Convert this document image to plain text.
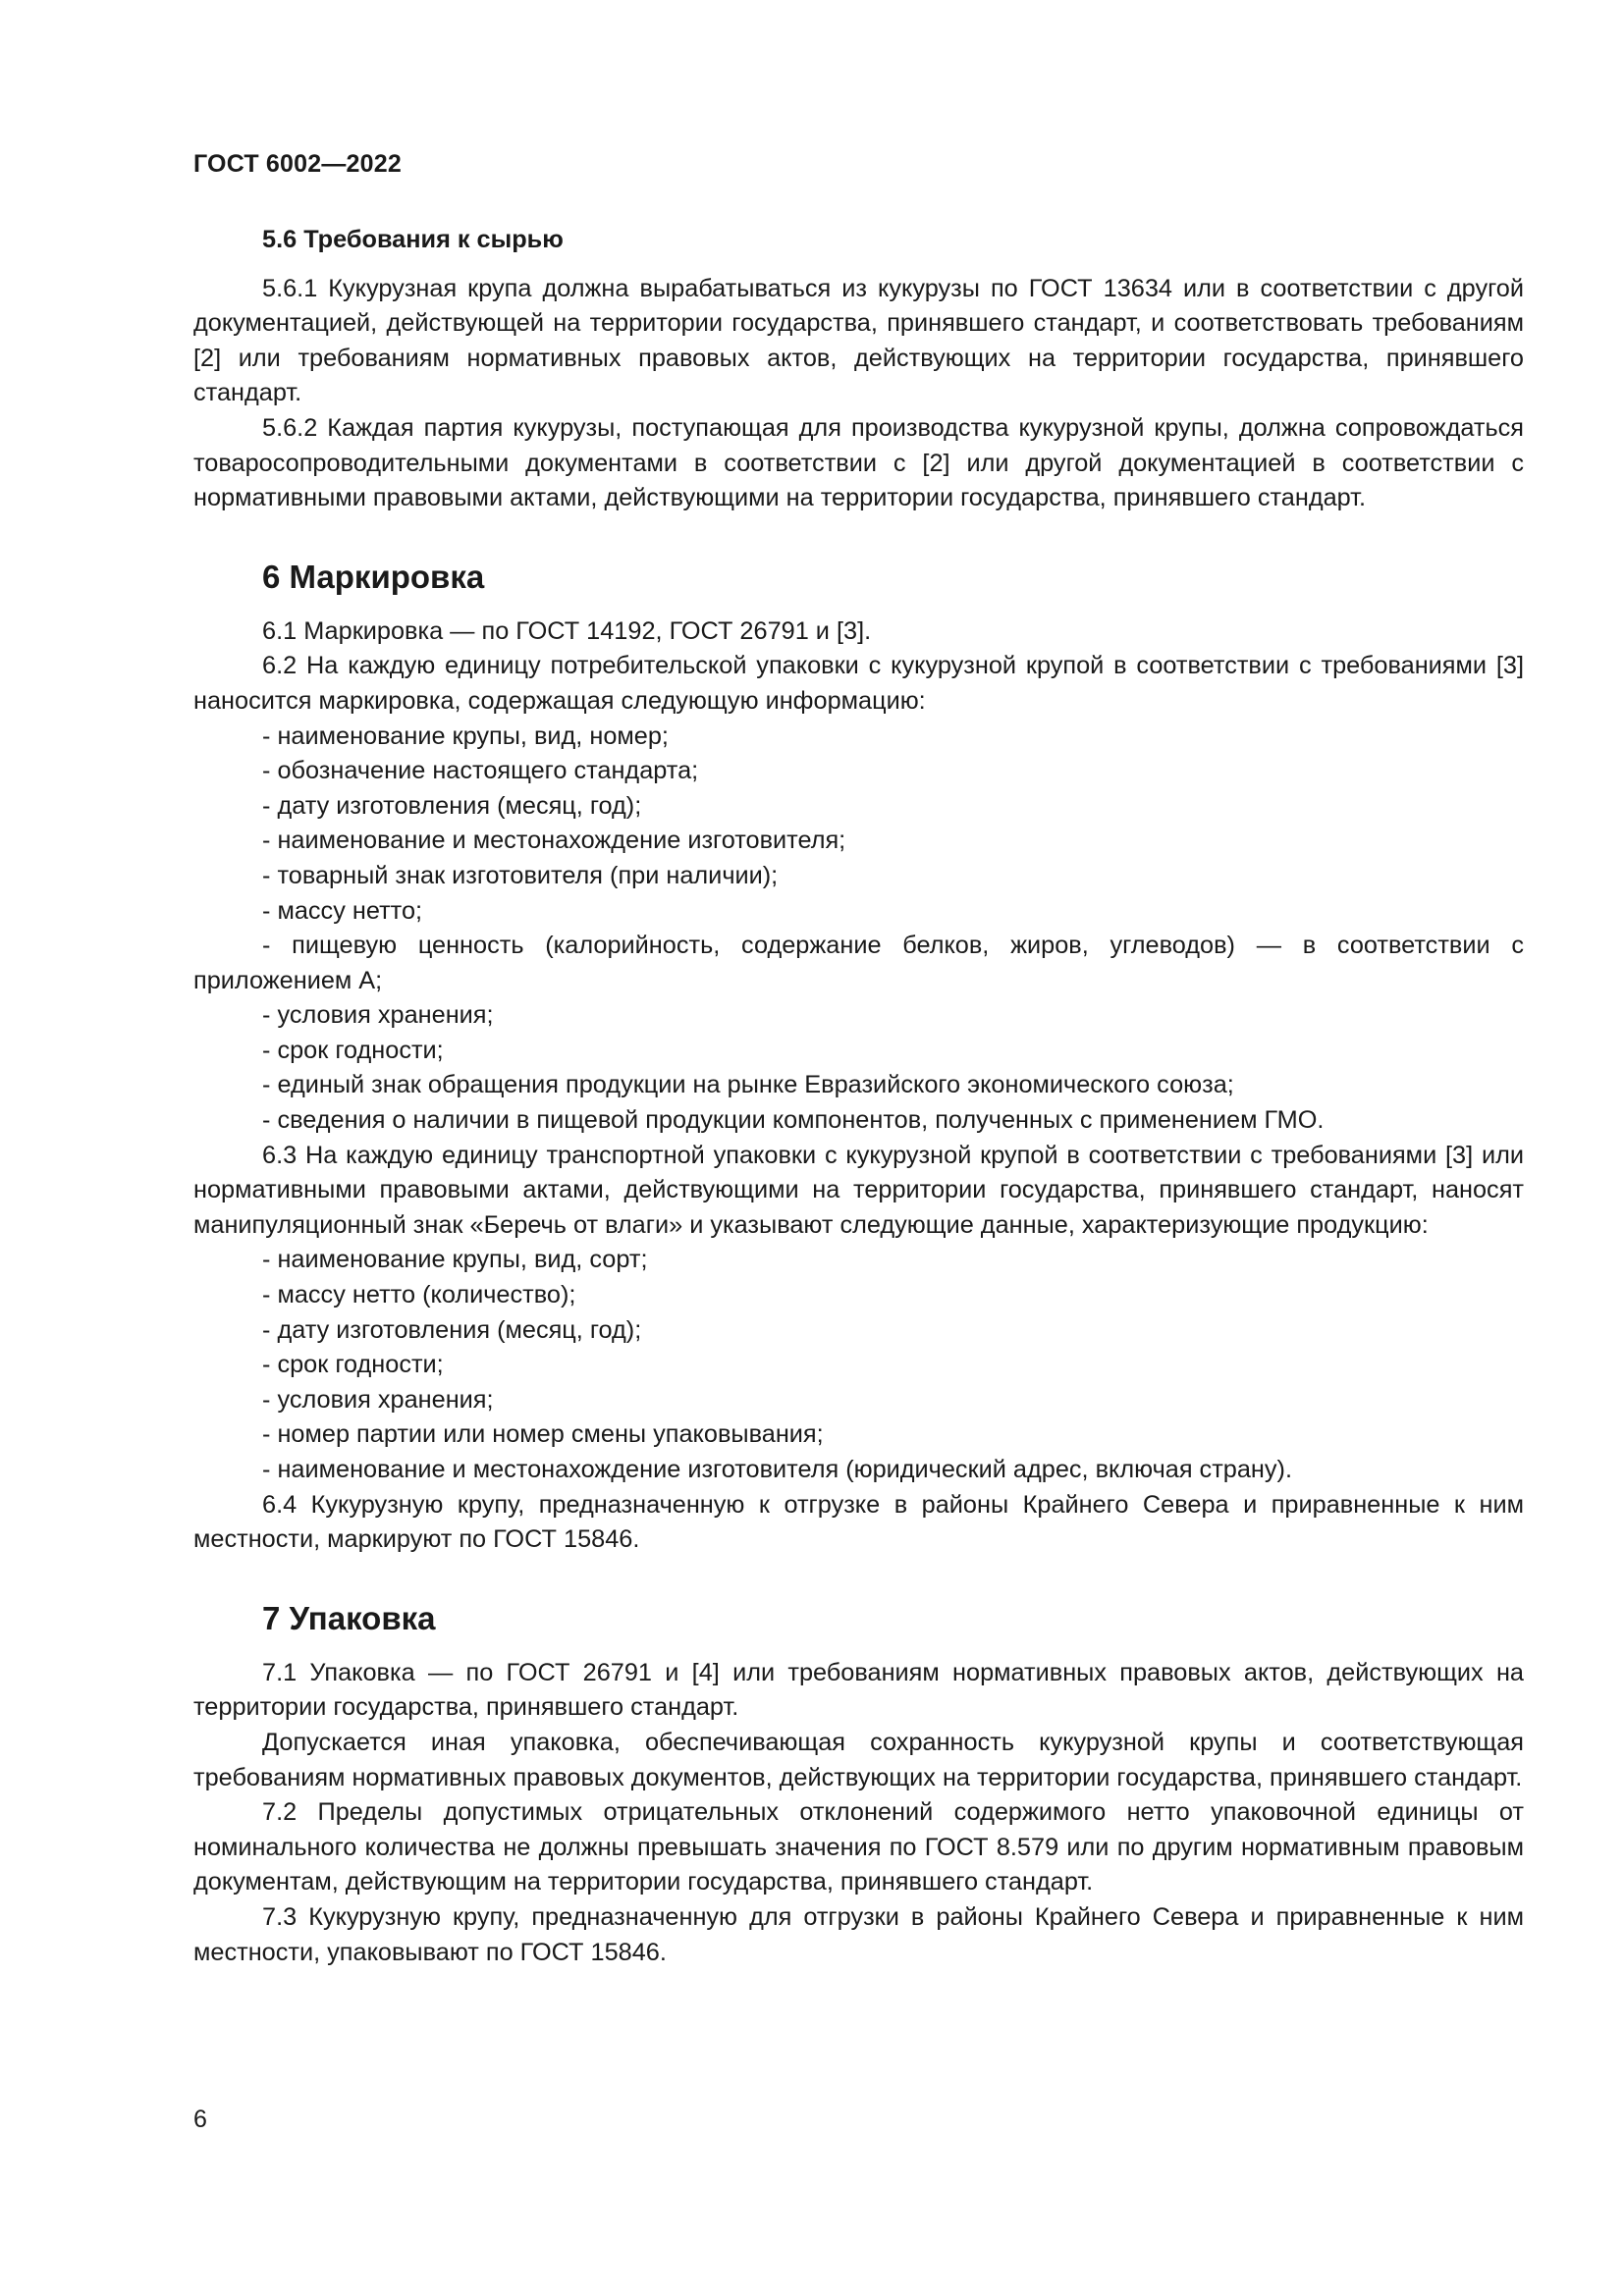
ГОСТ 6002—2022
5.6 Требования к сырью

5.6.1 Кукурузная крупа должна вырабатываться из кукурузы по ГОСТ 13634 или в соответствии с другой документацией, действующей на территории государства, принявшего стандарт, и соответствовать требованиям [2] или требованиям нормативных правовых актов, действующих на территории государства, принявшего стандарт.

5.6.2 Каждая партия кукурузы, поступающая для производства кукурузной крупы, должна сопровождаться товаросопроводительными документами в соответствии с [2] или другой документацией в соответствии с нормативными правовыми актами, действующими на территории государства, принявшего стандарт.

6 Маркировка

6.1 Маркировка — по ГОСТ 14192, ГОСТ 26791 и [3].

6.2 На каждую единицу потребительской упаковки с кукурузной крупой в соответствии с требованиями [3] наносится маркировка, содержащая следующую информацию:

- наименование крупы, вид, номер;

- обозначение настоящего стандарта;

- дату изготовления (месяц, год);

- наименование и местонахождение изготовителя;

- товарный знак изготовителя (при наличии);

- массу нетто;

- пищевую ценность (калорийность, содержание белков, жиров, углеводов) — в соответствии с приложением А;

- условия хранения;

- срок годности;

- единый знак обращения продукции на рынке Евразийского экономического союза;

- сведения о наличии в пищевой продукции компонентов, полученных с применением ГМО.

6.3 На каждую единицу транспортной упаковки с кукурузной крупой в соответствии с требованиями [3] или нормативными правовыми актами, действующими на территории государства, принявшего стандарт, наносят манипуляционный знак «Беречь от влаги» и указывают следующие данные, характеризующие продукцию:

- наименование крупы, вид, сорт;

- массу нетто (количество);

- дату изготовления (месяц, год);

- срок годности;

- условия хранения;

- номер партии или номер смены упаковывания;

- наименование и местонахождение изготовителя (юридический адрес, включая страну).

6.4 Кукурузную крупу, предназначенную к отгрузке в районы Крайнего Севера и приравненные к ним местности, маркируют по ГОСТ 15846.

7 Упаковка

7.1 Упаковка — по ГОСТ 26791 и [4] или требованиям нормативных правовых актов, действующих на территории государства, принявшего стандарт.

Допускается иная упаковка, обеспечивающая сохранность кукурузной крупы и соответствующая требованиям нормативных правовых документов, действующих на территории государства, принявшего стандарт.

7.2 Пределы допустимых отрицательных отклонений содержимого нетто упаковочной единицы от номинального количества не должны превышать значения по ГОСТ 8.579 или по другим нормативным правовым документам, действующим на территории государства, принявшего стандарт.

7.3 Кукурузную крупу, предназначенную для отгрузки в районы Крайнего Севера и приравненные к ним местности, упаковывают по ГОСТ 15846.

6
